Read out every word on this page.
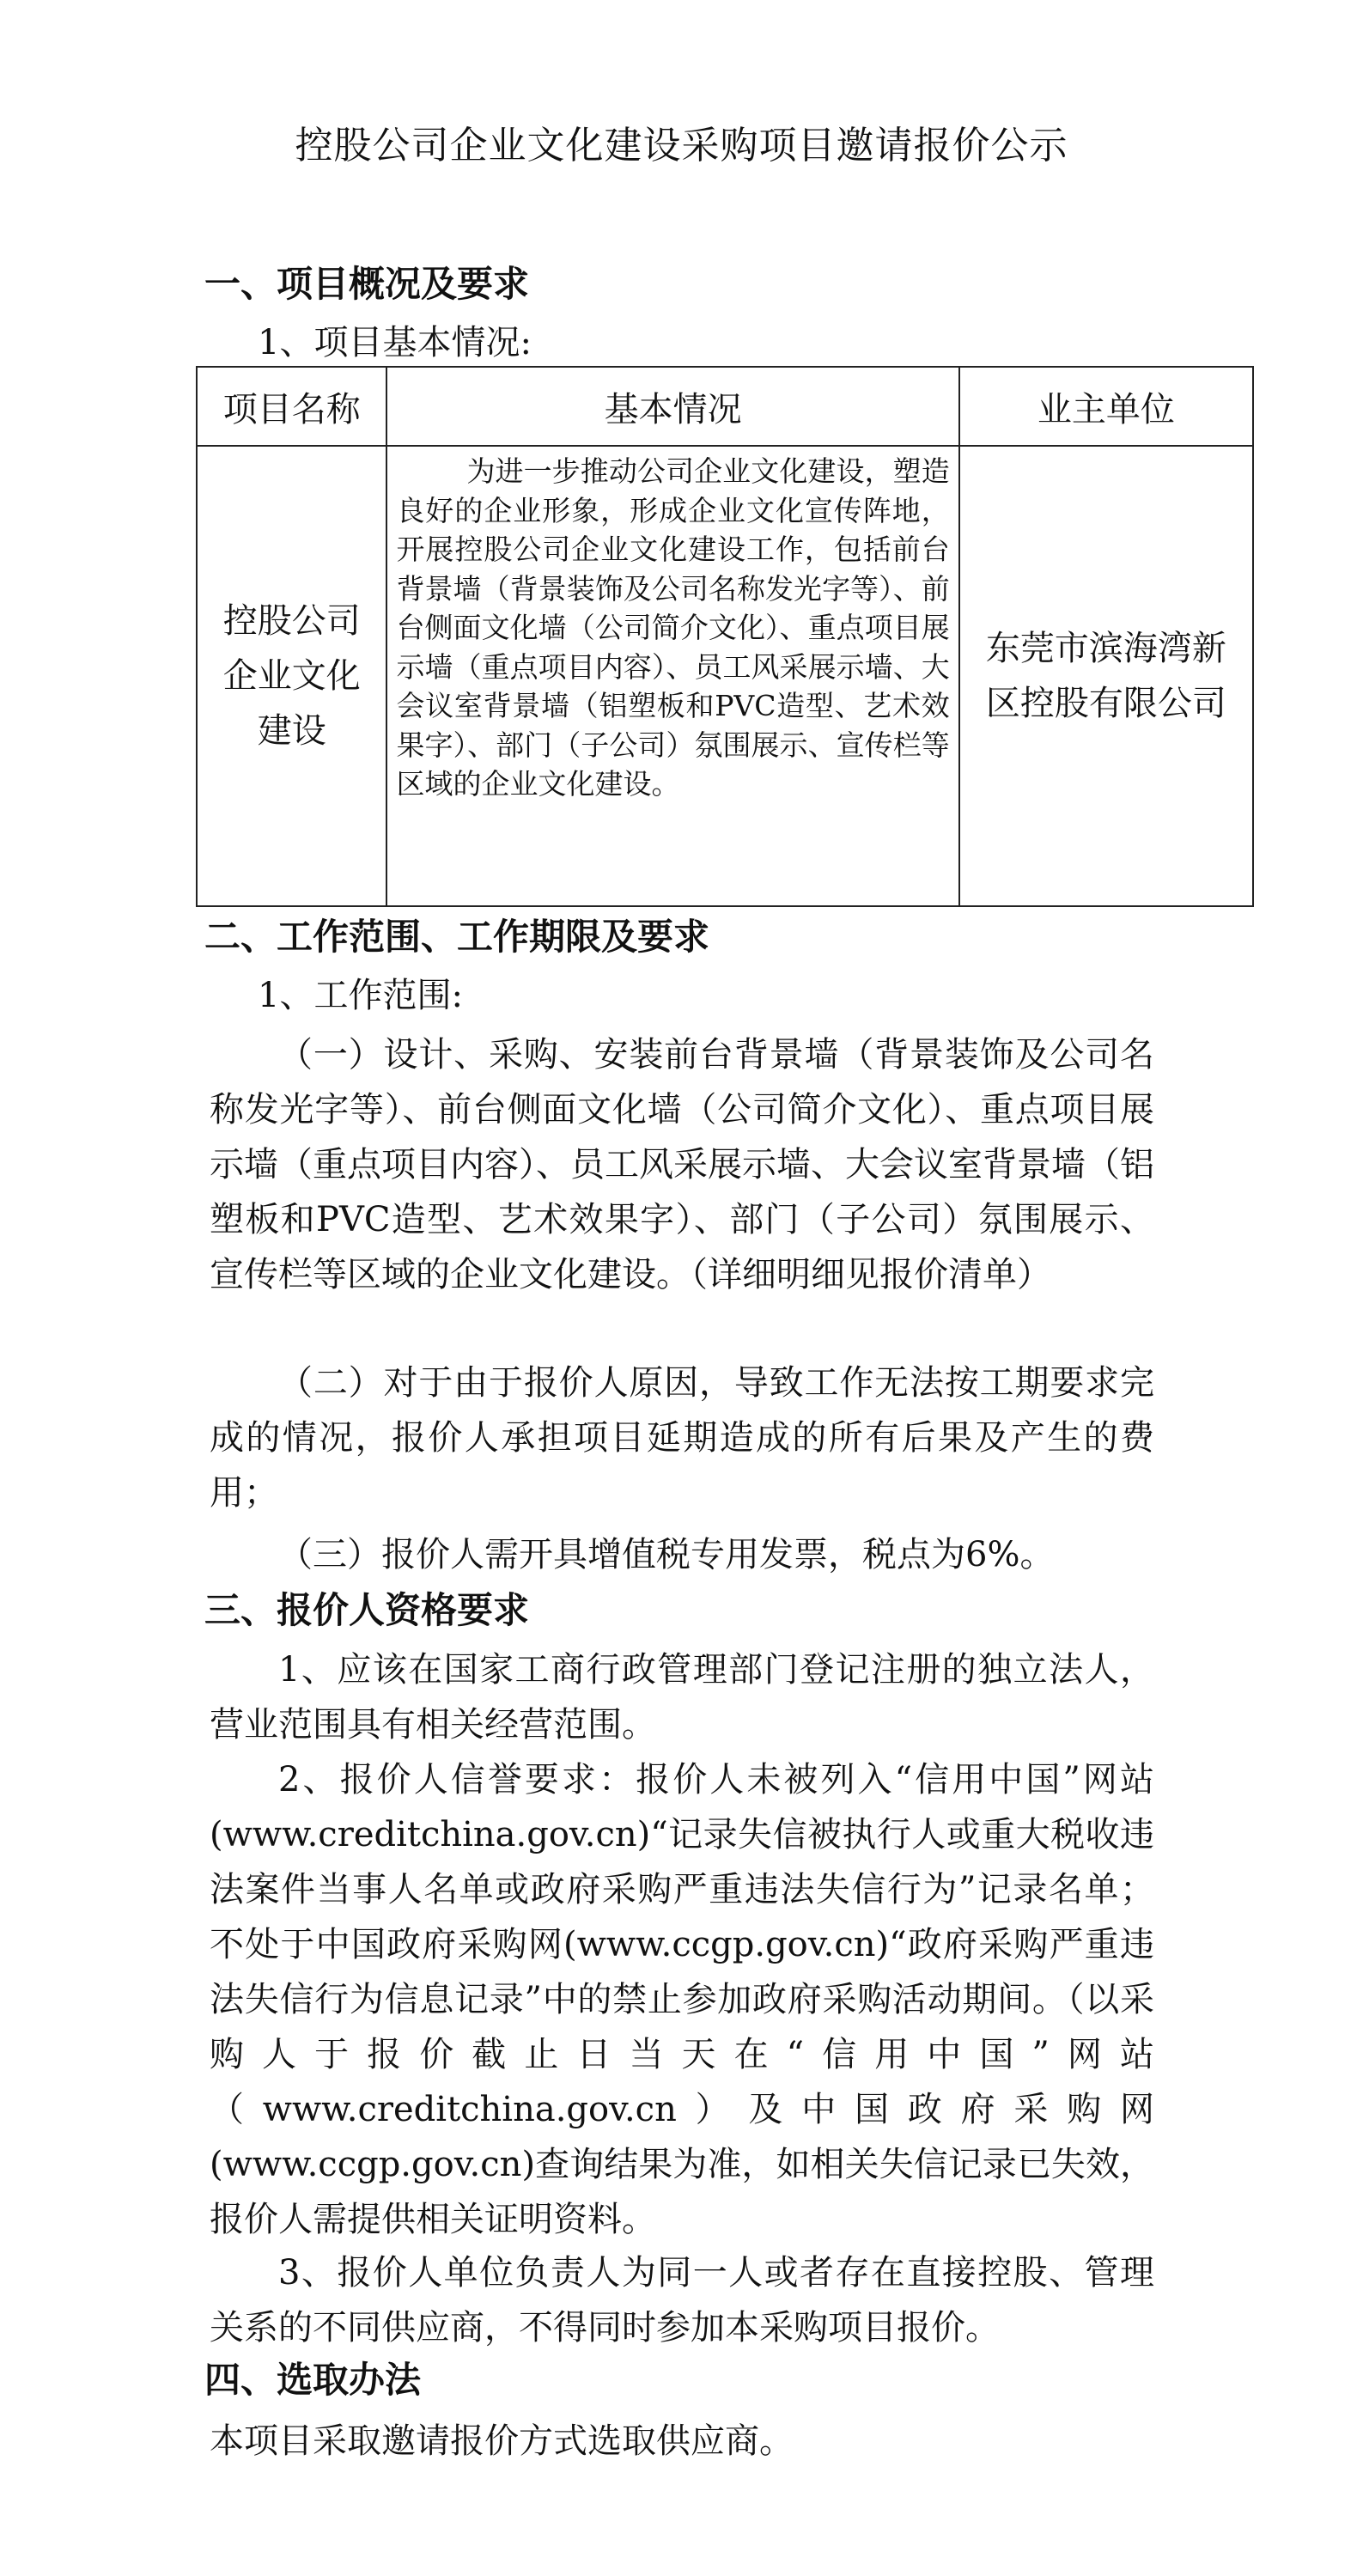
控股公司企业文化建设采购项目邀请报价公示
一、项目概况及要求
1、项目基本情况:
项目名称	基本情况	业主单位
控股公司企业文化建设	为进一步推动公司企业文化建设，塑造良好的企业形象，形成企业文化宣传阵地，开展控股公司企业文化建设工作，包括前台背景墙（背景装饰及公司名称发光字等）、前台侧面文化墙（公司简介文化）、重点项目展示墙（重点项目内容）、员工风采展示墙、大会议室背景墙（铝塑板和PVC造型、艺术效果字）、部门（子公司）氛围展示、宣传栏等区域的企业文化建设。	东莞市滨海湾新区控股有限公司
二、工作范围、工作期限及要求
1、工作范围:
（一）设计、采购、安装前台背景墙（背景装饰及公司名称发光字等）、前台侧面文化墙（公司简介文化）、重点项目展示墙（重点项目内容）、员工风采展示墙、大会议室背景墙（铝塑板和PVC造型、艺术效果字）、部门（子公司）氛围展示、宣传栏等区域的企业文化建设。（详细明细见报价清单）
（二）对于由于报价人原因，导致工作无法按工期要求完成的情况，报价人承担项目延期造成的所有后果及产生的费用；
（三）报价人需开具增值税专用发票，税点为6%。
三、报价人资格要求
1、应该在国家工商行政管理部门登记注册的独立法人，营业范围具有相关经营范围。
2、报价人信誉要求：报价人未被列入“信用中国”网站(www.creditchina.gov.cn)“记录失信被执行人或重大税收违法案件当事人名单或政府采购严重违法失信行为”记录名单；不处于中国政府采购网(www.ccgp.gov.cn)“政府采购严重违法失信行为信息记录”中的禁止参加政府采购活动期间。（以采购人于报价截止日当天在“信用中国”网站（www.creditchina.gov.cn）及中国政府采购网(www.ccgp.gov.cn)查询结果为准，如相关失信记录已失效，报价人需提供相关证明资料。
3、报价人单位负责人为同一人或者存在直接控股、管理关系的不同供应商，不得同时参加本采购项目报价。
四、选取办法
本项目采取邀请报价方式选取供应商。
